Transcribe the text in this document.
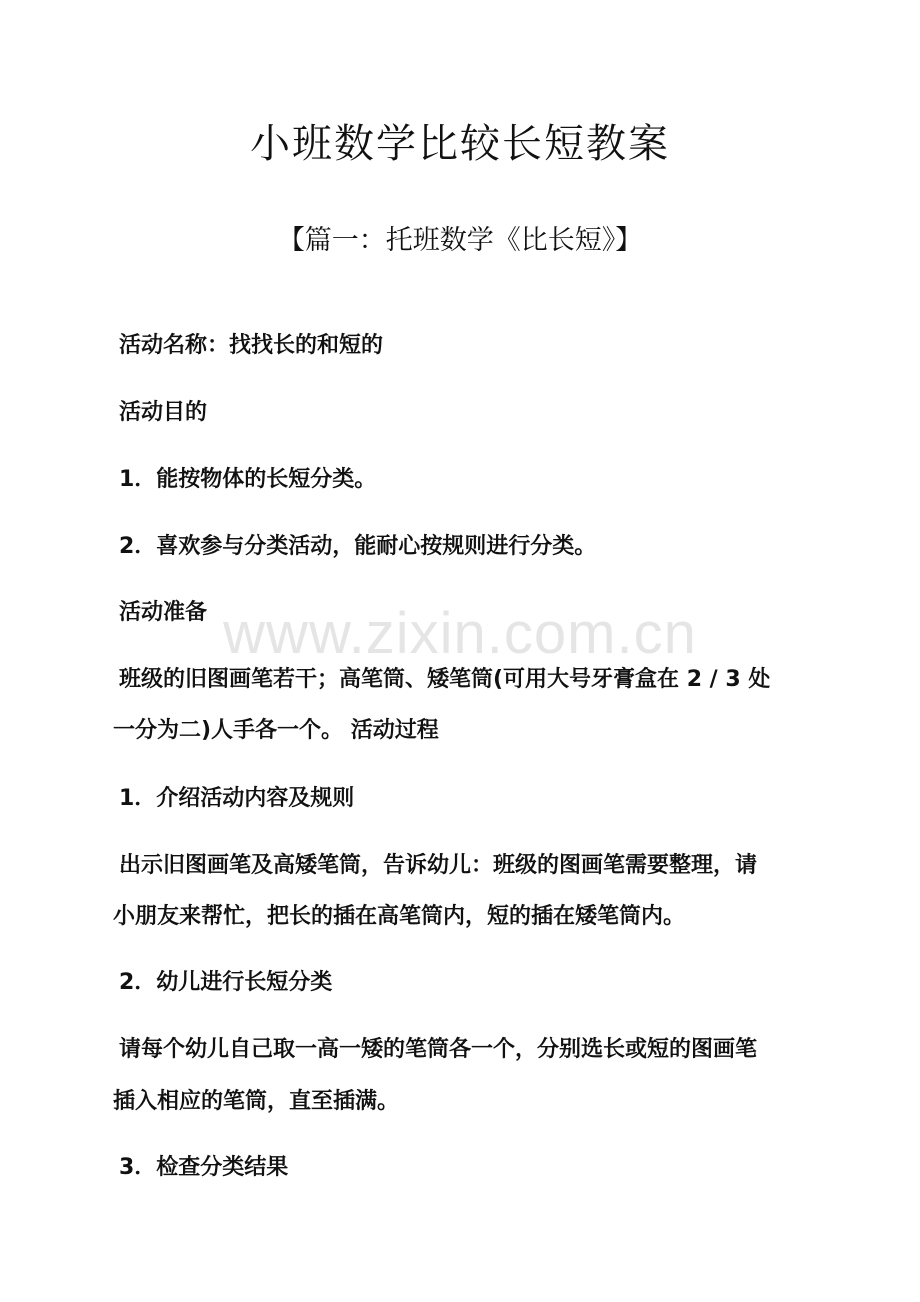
小班数学比较长短教案
【篇一：托班数学《比长短》】
活动名称：找找长的和短的
活动目的
1．能按物体的长短分类。
2．喜欢参与分类活动，能耐心按规则进行分类。
活动准备
班级的旧图画笔若干；高笔筒、矮笔筒(可用大号牙膏盒在 2 / 3 处
一分为二)人手各一个。 活动过程
1．介绍活动内容及规则
出示旧图画笔及高矮笔筒，告诉幼儿：班级的图画笔需要整理，请
小朋友来帮忙，把长的插在高笔筒内，短的插在矮笔筒内。
2．幼儿进行长短分类
请每个幼儿自己取一高一矮的笔筒各一个，分别选长或短的图画笔
插入相应的笔筒，直至插满。
3．检查分类结果
www.zixin.com.cn
